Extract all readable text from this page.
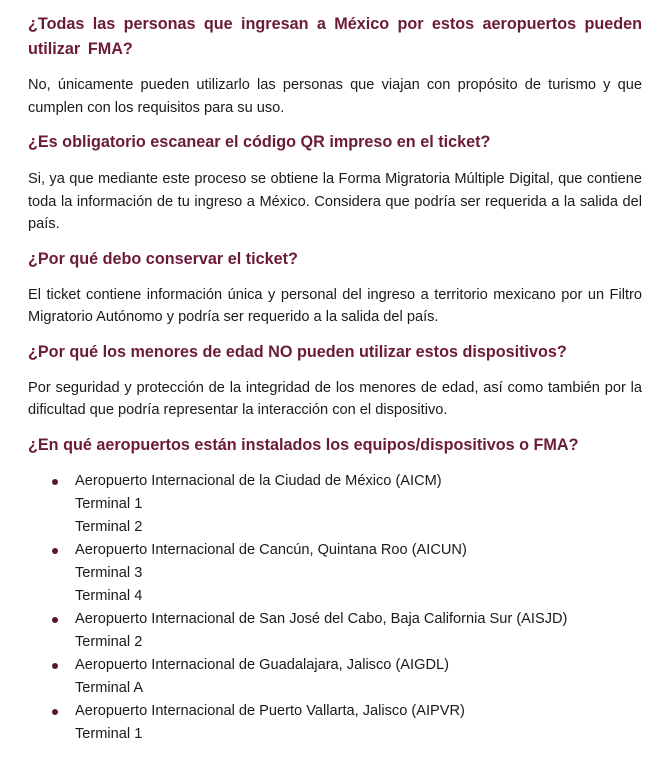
¿Todas las personas que ingresan a México por estos aeropuertos pueden utilizar FMA?

No, únicamente pueden utilizarlo las personas que viajan con propósito de turismo y que cumplen con los requisitos para su uso.

¿Es obligatorio escanear el código QR impreso en el ticket?

Si, ya que mediante este proceso se obtiene la Forma Migratoria Múltiple Digital, que contiene toda la información de tu ingreso a México. Considera que podría ser requerida a la salida del país.

¿Por qué debo conservar el ticket?

El ticket contiene información única y personal del ingreso a territorio mexicano por un Filtro Migratorio Autónomo y podría ser requerido a la salida del país.

¿Por qué los menores de edad NO pueden utilizar estos dispositivos?

Por seguridad y protección de la integridad de los menores de edad, así como también por la dificultad que podría representar la interacción con el dispositivo.

¿En qué aeropuertos están instalados los equipos/dispositivos o FMA?

Aeropuerto Internacional de la Ciudad de México (AICM)
Terminal 1
Terminal 2
Aeropuerto Internacional de Cancún, Quintana Roo (AICUN)
Terminal 3
Terminal 4
Aeropuerto Internacional de San José del Cabo, Baja California Sur (AISJD)
Terminal 2
Aeropuerto Internacional de Guadalajara, Jalisco (AIGDL)
Terminal A
Aeropuerto Internacional de Puerto Vallarta, Jalisco (AIPVR)
Terminal 1
